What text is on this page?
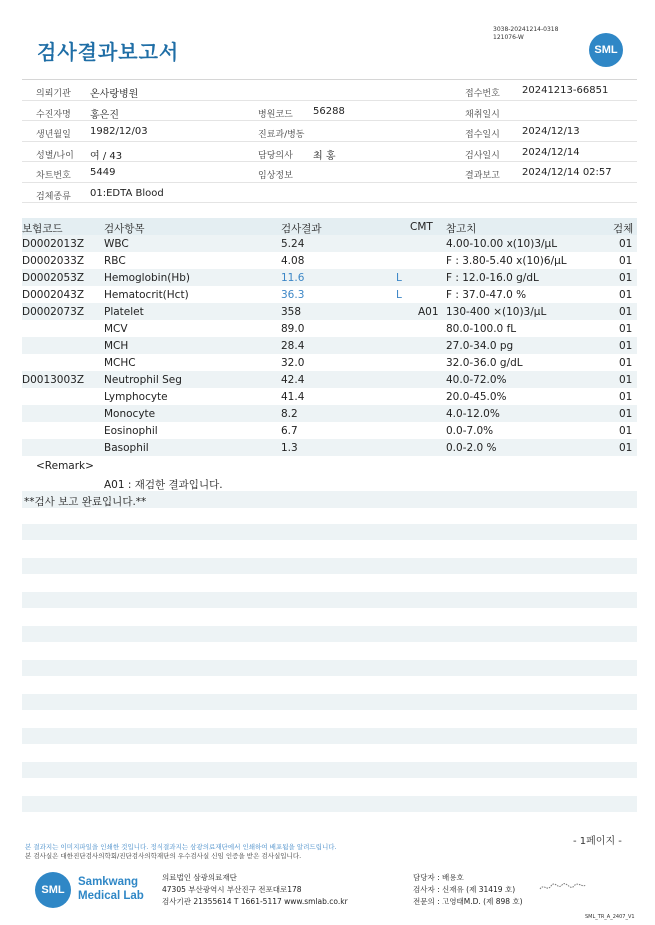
검사결과보고서
3038-20241214-0318
121076-W
SML
의뢰기관 온사랑병원	접수번호 20241213-66851
수진자명 홍은진	병원코드 56288	채취일시
생년월일 1982/12/03	진료과/병동	접수일시 2024/12/13
성별/나이 여 / 43	담당의사 최 홍	검사일시 2024/12/14
차트번호 5449	임상정보	결과보고 2024/12/14 02:57
검체종류 01:EDTA Blood
보험코드	검사항목	검사결과	CMT 참고치	검체
D0002013Z WBC	5.24	4.00-10.00 x(10)3/μL	01
D0002033Z RBC	4.08	F : 3.80-5.40 x(10)6/μL	01
D0002053Z Hemoglobin(Hb)	11.6	L	F : 12.0-16.0 g/dL	01
D0002043Z Hematocrit(Hct)	36.3	L	F : 37.0-47.0 %	01
D0002073Z Platelet	358	A01 130-400 ×(10)3/μL	01
MCV	89.0	80.0-100.0 fL	01
MCH	28.4	27.0-34.0 pg	01
MCHC	32.0	32.0-36.0 g/dL	01
D0013003Z Neutrophil Seg	42.4	40.0-72.0%	01
Lymphocyte	41.4	20.0-45.0%	01
Monocyte	8.2	4.0-12.0%	01
Eosinophil	6.7	0.0-7.0%	01
Basophil	1.3	0.0-2.0 %	01
<Remark>
A01 : 재검한 결과입니다.
**검사 보고 완료입니다.**
- 1페이지 -
본 결과지는 이미지파일을 인쇄한 것입니다. 정식결과지는 삼광의료재단에서 인쇄하여 배포됨을 알려드립니다.
본 검사실은 대한진단검사의학회/진단검사의학재단의 우수검사실 신임 인증을 받은 검사실입니다.
SML
Samkwang
Medical Lab
의료법인 삼광의료재단
47305 부산광역시 부산진구 전포대로178
검사기관 21355614 T 1661-5117 www.smlab.co.kr
담당자 : 배용호
검사자 : 신재유 (제 31419 호)
전문의 : 고영태M.D. (제 898 호)
SML_TR_A_2407_V1
